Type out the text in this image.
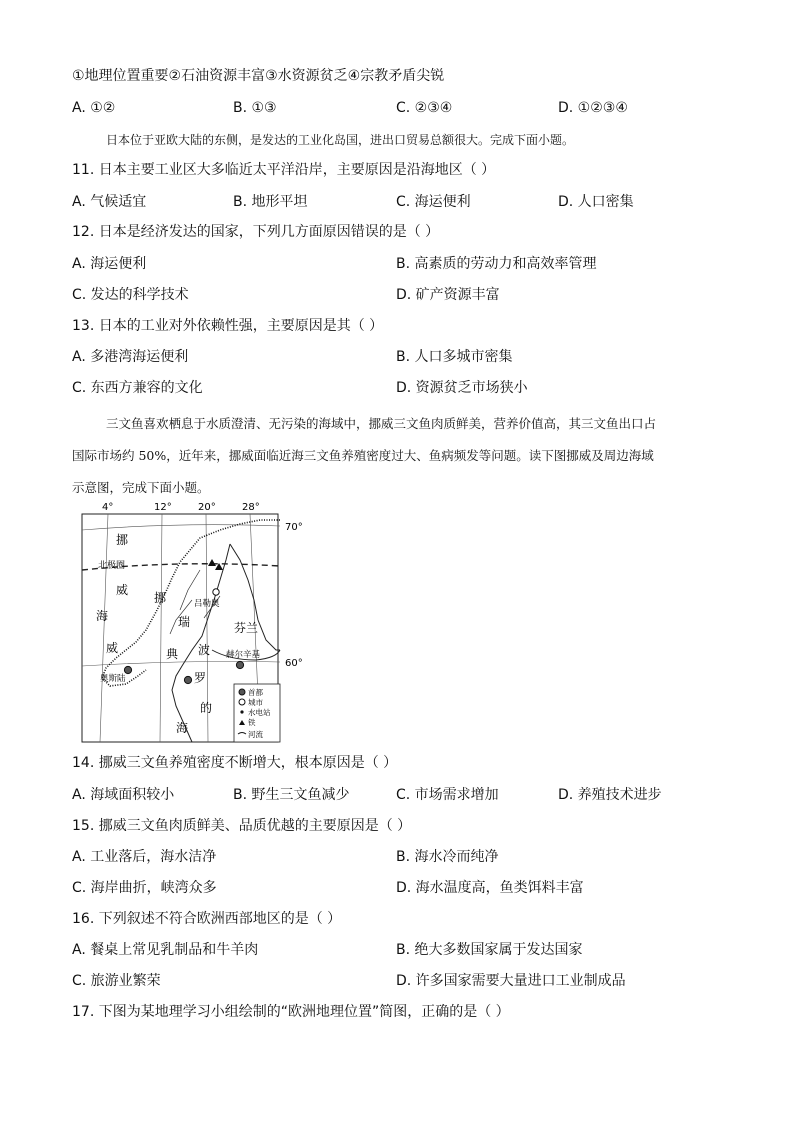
①地理位置重要②石油资源丰富③水资源贫乏④宗教矛盾尖锐
A. ①②	B. ①③	C. ②③④	D. ①②③④
日本位于亚欧大陆的东侧，是发达的工业化岛国，进出口贸易总额很大。完成下面小题。
11. 日本主要工业区大多临近太平洋沿岸，主要原因是沿海地区（ ）
A. 气候适宜	B. 地形平坦	C. 海运便利	D. 人口密集
12. 日本是经济发达的国家，下列几方面原因错误的是（ ）
A. 海运便利	B. 高素质的劳动力和高效率管理
C. 发达的科学技术	D. 矿产资源丰富
13. 日本的工业对外依赖性强，主要原因是其（ ）
A. 多港湾海运便利	B. 人口多城市密集
C. 东西方兼容的文化	D. 资源贫乏市场狭小
三文鱼喜欢栖息于水质澄清、无污染的海域中，挪威三文鱼肉质鲜美，营养价值高，其三文鱼出口占
国际市场约 50%，近年来，挪威面临近海三文鱼养殖密度过大、鱼病频发等问题。读下图挪威及周边海域
示意图，完成下面小题。
4°	12°	20°	28°
70°
60°
北极圈
吕勒奥
赫尔辛基
奥斯陆
挪
威
海
挪
威
瑞
典
芬兰
波
罗
的
海
首都
城市
水电站
铁
河流
14. 挪威三文鱼养殖密度不断增大，根本原因是（ ）
A. 海域面积较小	B. 野生三文鱼减少	C. 市场需求增加	D. 养殖技术进步
15. 挪威三文鱼肉质鲜美、品质优越的主要原因是（ ）
A. 工业落后，海水洁净	B. 海水冷而纯净
C. 海岸曲折，峡湾众多	D. 海水温度高，鱼类饵料丰富
16. 下列叙述不符合欧洲西部地区的是（ ）
A. 餐桌上常见乳制品和牛羊肉	B. 绝大多数国家属于发达国家
C. 旅游业繁荣	D. 许多国家需要大量进口工业制成品
17. 下图为某地理学习小组绘制的“欧洲地理位置”简图，正确的是（ ）
